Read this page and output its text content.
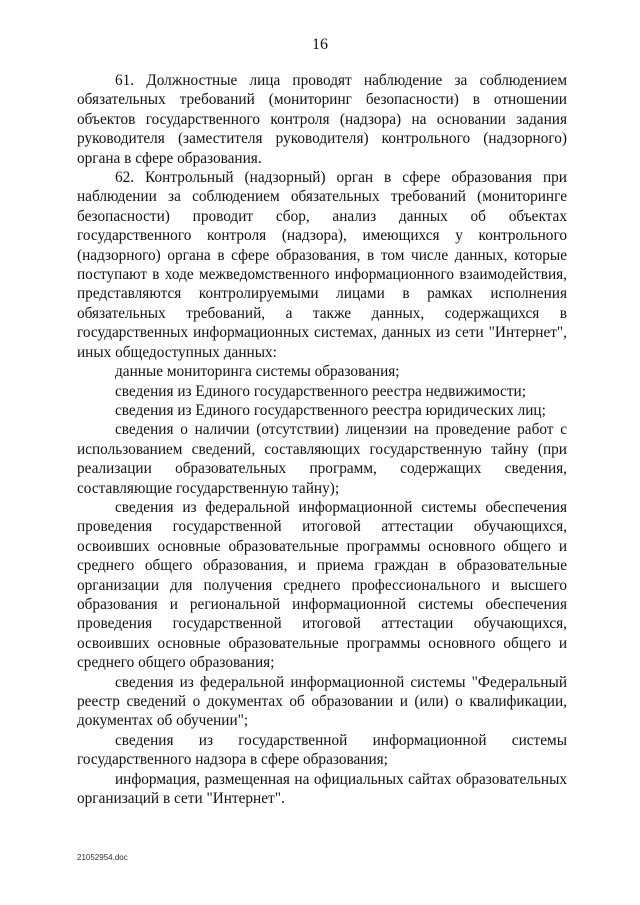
16

61. Должностные лица проводят наблюдение за соблюдением обязательных требований (мониторинг безопасности) в отношении объектов государственного контроля (надзора) на основании задания руководителя (заместителя руководителя) контрольного (надзорного) органа в сфере образования.

62. Контрольный (надзорный) орган в сфере образования при наблюдении за соблюдением обязательных требований (мониторинге безопасности) проводит сбор, анализ данных об объектах государственного контроля (надзора), имеющихся у контрольного (надзорного) органа в сфере образования, в том числе данных, которые поступают в ходе межведомственного информационного взаимодействия, представляются контролируемыми лицами в рамках исполнения обязательных требований, а также данных, содержащихся в государственных информационных системах, данных из сети "Интернет", иных общедоступных данных:

данные мониторинга системы образования;

сведения из Единого государственного реестра недвижимости;

сведения из Единого государственного реестра юридических лиц;

сведения о наличии (отсутствии) лицензии на проведение работ с использованием сведений, составляющих государственную тайну (при реализации образовательных программ, содержащих сведения, составляющие государственную тайну);

сведения из федеральной информационной системы обеспечения проведения государственной итоговой аттестации обучающихся, освоивших основные образовательные программы основного общего и среднего общего образования, и приема граждан в образовательные организации для получения среднего профессионального и высшего образования и региональной информационной системы обеспечения проведения государственной итоговой аттестации обучающихся, освоивших основные образовательные программы основного общего и среднего общего образования;

сведения из федеральной информационной системы "Федеральный реестр сведений о документах об образовании и (или) о квалификации, документах об обучении";

сведения из государственной информационной системы государственного надзора в сфере образования;

информация, размещенная на официальных сайтах образовательных организаций в сети "Интернет".

21052954.doc
